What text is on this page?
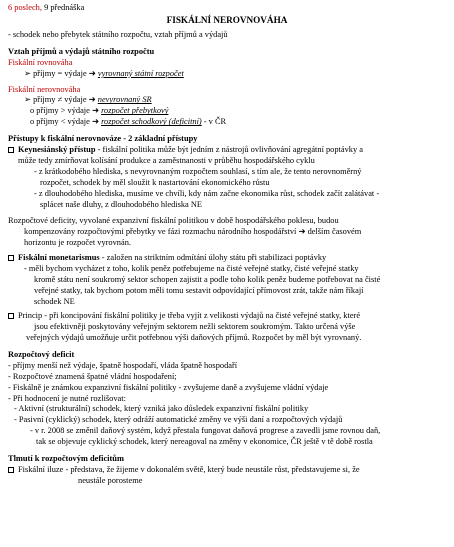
6 poslech, 9 přednáška
FISKÁLNÍ NEROVNOVÁHA
- schodek nebo přebytek státního rozpočtu, vztah příjmů a výdajů
Vztah příjmů a výdajů státního rozpočtu
Fiskální rovnováha
➢ příjmy = výdaje ➜ vyrovnaný státní rozpočet
Fiskální nerovnováha
➢ příjmy ≠ výdaje ➜ nevyrovnaný SR
o příjmy > výdaje ➜ rozpočet přebytkový
o příjmy < výdaje ➜ rozpočet schodkový (deficitní) - v ČR
Přístupy k fiskální nerovnováze - 2 základní přístupy
Keynesiánský přístup - fiskální politika může být jedním z nástrojů ovlivňování agregátní poptávky a
může tedy zmírňovat kolísání produkce a zaměstnanosti v průběhu hospodářského cyklu
- z krátkodobého hlediska, s nevyrovnaným rozpočtem souhlasí, s tím ale, že tento nerovnoměrný
rozpočet, schodek by měl sloužit k nastartování ekonomického růstu
- z dlouhodobého hlediska, musíme ve chvíli, kdy nám začne ekonomika růst, schodek začít zalátávat -
splácet naše dluhy, z dlouhodobého hlediska NE
Rozpočtové deficity, vyvolané expanzivní fiskální politikou v době hospodářského poklesu, budou
kompenzovány rozpočtovými přebytky ve fázi rozmachu národního hospodářství ➜ delším časovém
horizontu je rozpočet vyrovnán.
Fiskální monetarismus - založen na striktním odmítání úlohy státu při stabilizaci poptávky
- měli bychom vycházet z toho, kolik peněz potřebujeme na čisté veřejné statky, čisté veřejné statky
kromě státu není soukromý sektor schopen zajistit a podle toho kolik peněz budeme potřebovat na čisté
veřejné statky, tak bychom potom měli tomu sestavit odpovídající přímovost zrát, takže nám říkají
schodek NE
Princip - při koncipování fiskální politiky je třeba vyjít z velikosti výdajů na čisté veřejné statky, které
jsou efektivněji poskytovány veřejným sektorem nežli sektorem soukromým. Takto určená výše
veřejných výdajů umožňuje určit potřebnou výši daňových příjmů. Rozpočet by měl být vyrovnaný.
Rozpočtový deficit
- příjmy menší než výdaje, špatně hospodaří, vláda špatně hospodaří
- Rozpočtové znamená špatné vládní hospodaření;
- Fiskálně je známkou expanzivní fiskální politiky - zvyšujeme daně a zvyšujeme vládní výdaje
- Při hodnocení je nutné rozlišovat:
- Aktivní (strukturální) schodek, který vzniká jako důsledek expanzivní fiskální politiky
- Pasivní (cyklický) schodek, který odráží automatické změny ve výši daní a rozpočtových výdajů
- v r. 2008 se změnil daňový systém, když přestala fungovat daňová progrese a zavedli jsme rovnou daň,
tak se objevuje cyklický schodek, který nereagoval na změny v ekonomice, ČR ještě v tě době rostla
Tlmutí k rozpočtovým deficitům
Fiskální iluze - představa, že žijeme v dokonalém světě, který bude neustále růst, představujeme si, že
neustále porosteme
